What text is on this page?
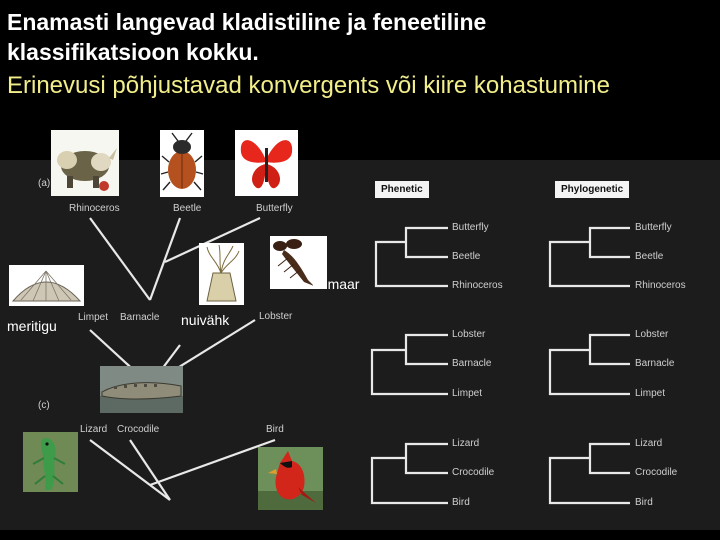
Enamasti langevad kladistiline ja feneetiline
klassifikatsioon kokku.
Erinevusi põhjustavad konvergents või kiire kohastumine
(a)
(c)
Rhinoceros	Beetle	Butterfly
Limpet Barnacle	Lobster
Lizard Crocodile	Bird
meritigu	nuivähk
homaar
Phenetic	Phylogenetic
Butterfly
Beetle
Rhinoceros
Lobster
Barnacle
Limpet
Lizard
Crocodile
Bird
Butterfly
Beetle
Rhinoceros
Lobster
Barnacle
Limpet
Lizard
Crocodile
Bird
